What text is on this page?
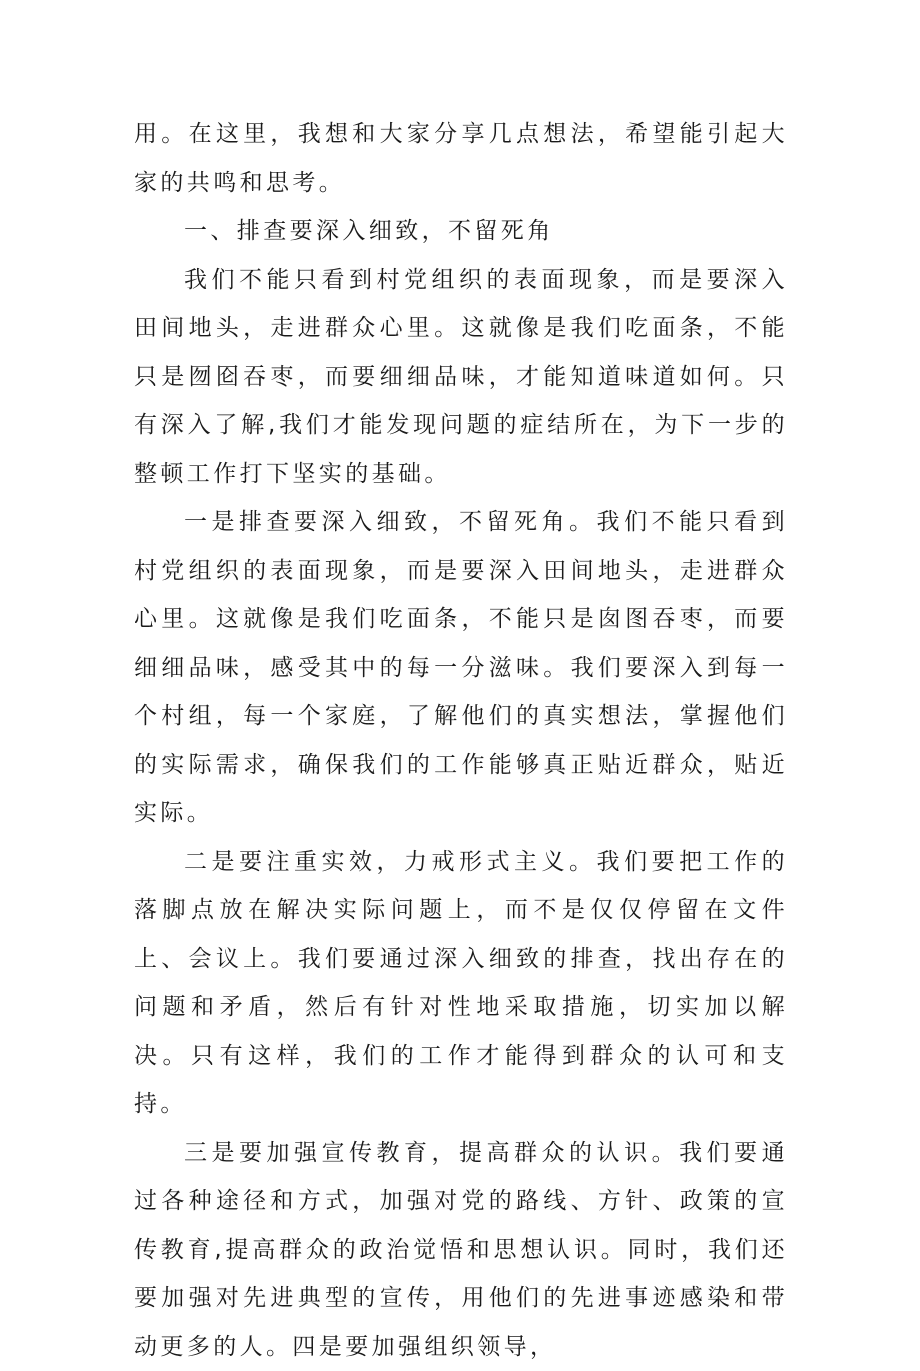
用。在这里，我想和大家分享几点想法，希望能引起大家的共鸣和思考。

一、排查要深入细致，不留死角

我们不能只看到村党组织的表面现象，而是要深入田间地头，走进群众心里。这就像是我们吃面条，不能只是囫囵吞枣，而要细细品味，才能知道味道如何。只有深入了解,我们才能发现问题的症结所在，为下一步的整顿工作打下坚实的基础。

一是排查要深入细致，不留死角。我们不能只看到村党组织的表面现象，而是要深入田间地头，走进群众心里。这就像是我们吃面条，不能只是囱图吞枣，而要细细品味，感受其中的每一分滋味。我们要深入到每一个村组，每一个家庭，了解他们的真实想法，掌握他们的实际需求，确保我们的工作能够真正贴近群众，贴近实际。

二是要注重实效，力戒形式主义。我们要把工作的落脚点放在解决实际问题上，而不是仅仅停留在文件上、会议上。我们要通过深入细致的排查，找出存在的问题和矛盾，然后有针对性地采取措施，切实加以解决。只有这样，我们的工作才能得到群众的认可和支持。

三是要加强宣传教育，提高群众的认识。我们要通过各种途径和方式，加强对党的路线、方针、政策的宣传教育,提高群众的政治觉悟和思想认识。同时，我们还要加强对先进典型的宣传，用他们的先进事迹感染和带动更多的人。四是要加强组织领导，
